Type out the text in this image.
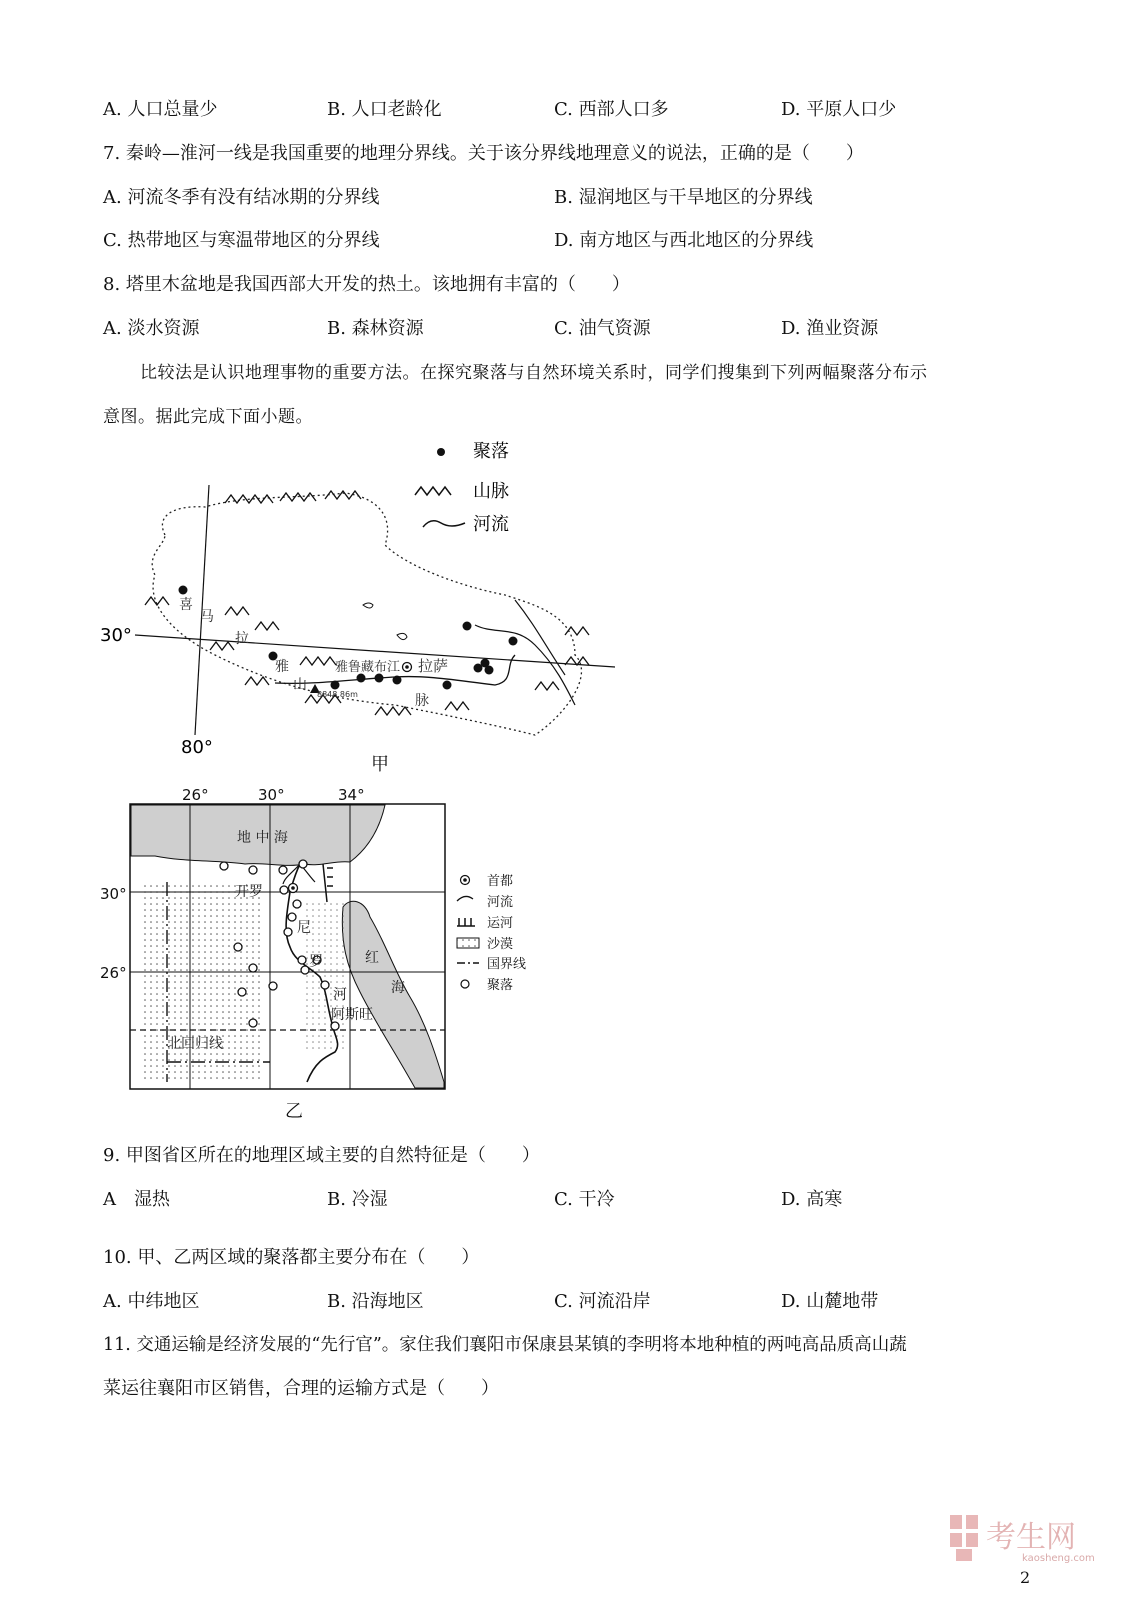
A. 人口总量少	B. 人口老龄化	C. 西部人口多	D. 平原人口少
7. 秦岭—淮河一线是我国重要的地理分界线。关于该分界线地理意义的说法，正确的是（　　）
A. 河流冬季有没有结冰期的分界线	B. 湿润地区与干旱地区的分界线
C. 热带地区与寒温带地区的分界线	D. 南方地区与西北地区的分界线
8. 塔里木盆地是我国西部大开发的热土。该地拥有丰富的（　　）
A. 淡水资源	B. 森林资源	C. 油气资源	D. 渔业资源
比较法是认识地理事物的重要方法。在探究聚落与自然环境关系时，同学们搜集到下列两幅聚落分布示
意图。据此完成下面小题。
聚落
山脉
河流
30°
80°
喜
马
拉
雅
山
脉
雅鲁藏布江 拉萨
8848.86m
甲
26°	30°	34°
30°
26°
地 中 海
开罗
尼
罗
河
阿斯旺
北回归线
红
海
首都
河流
运河
沙漠
国界线
聚落
乙
9. 甲图省区所在的地理区域主要的自然特征是（　　）
A　湿热	B. 冷湿	C. 干冷	D. 高寒
10. 甲、乙两区域的聚落都主要分布在（　　）
A. 中纬地区	B. 沿海地区	C. 河流沿岸	D. 山麓地带
11. 交通运输是经济发展的“先行官”。家住我们襄阳市保康县某镇的李明将本地种植的两吨高品质高山蔬
菜运往襄阳市区销售，合理的运输方式是（　　）
考生网
kaosheng.com
2
